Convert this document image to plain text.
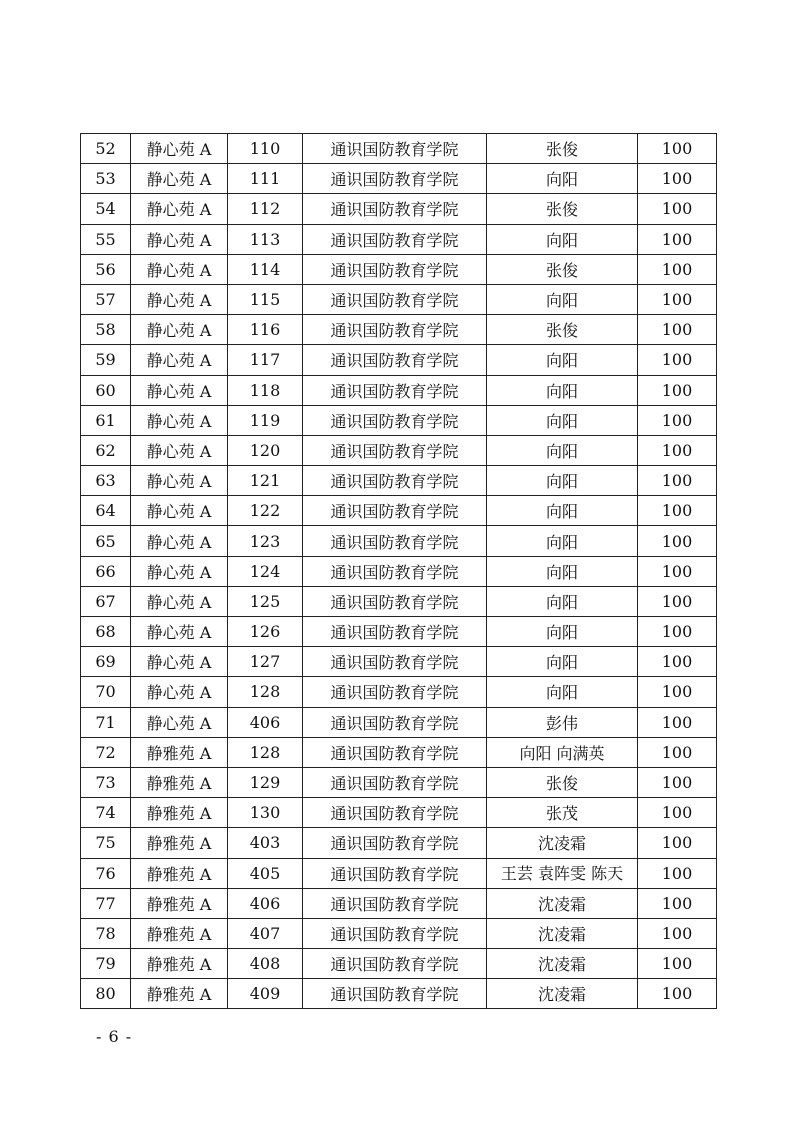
52	静心苑 A	110	通识国防教育学院	张俊	100
53	静心苑 A	111	通识国防教育学院	向阳	100
54	静心苑 A	112	通识国防教育学院	张俊	100
55	静心苑 A	113	通识国防教育学院	向阳	100
56	静心苑 A	114	通识国防教育学院	张俊	100
57	静心苑 A	115	通识国防教育学院	向阳	100
58	静心苑 A	116	通识国防教育学院	张俊	100
59	静心苑 A	117	通识国防教育学院	向阳	100
60	静心苑 A	118	通识国防教育学院	向阳	100
61	静心苑 A	119	通识国防教育学院	向阳	100
62	静心苑 A	120	通识国防教育学院	向阳	100
63	静心苑 A	121	通识国防教育学院	向阳	100
64	静心苑 A	122	通识国防教育学院	向阳	100
65	静心苑 A	123	通识国防教育学院	向阳	100
66	静心苑 A	124	通识国防教育学院	向阳	100
67	静心苑 A	125	通识国防教育学院	向阳	100
68	静心苑 A	126	通识国防教育学院	向阳	100
69	静心苑 A	127	通识国防教育学院	向阳	100
70	静心苑 A	128	通识国防教育学院	向阳	100
71	静心苑 A	406	通识国防教育学院	彭伟	100
72	静雅苑 A	128	通识国防教育学院	向阳 向满英	100
73	静雅苑 A	129	通识国防教育学院	张俊	100
74	静雅苑 A	130	通识国防教育学院	张茂	100
75	静雅苑 A	403	通识国防教育学院	沈凌霜	100
76	静雅苑 A	405	通识国防教育学院	王芸 袁阵雯 陈天	100
77	静雅苑 A	406	通识国防教育学院	沈凌霜	100
78	静雅苑 A	407	通识国防教育学院	沈凌霜	100
79	静雅苑 A	408	通识国防教育学院	沈凌霜	100
80	静雅苑 A	409	通识国防教育学院	沈凌霜	100
- 6 -
